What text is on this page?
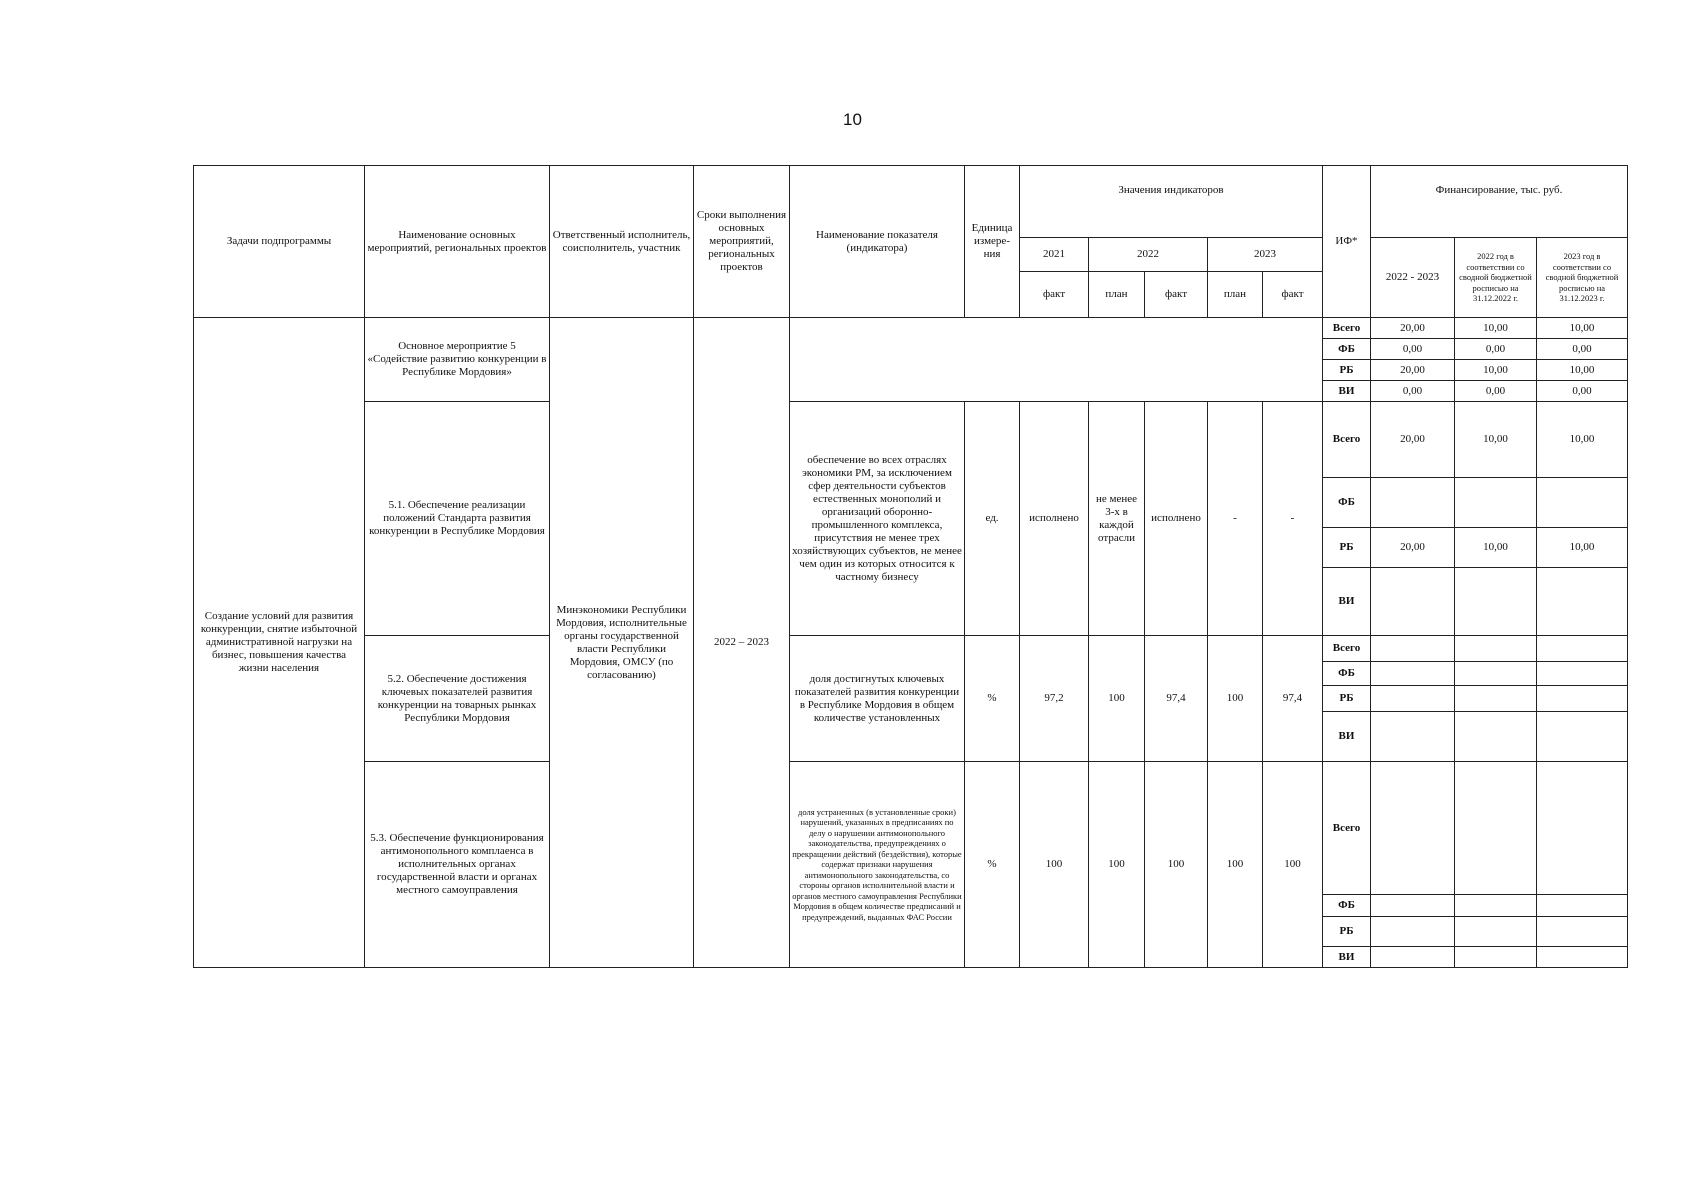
10
Задачи подпрограммы	Наименование основных мероприятий, региональных проектов	Ответственный исполнитель, соисполнитель, участник	Сроки выполнения основных мероприятий, региональных проектов	Наименование показателя (индикатора)	Единица измере-ния	Значения индикаторов					ИФ*	Финансирование, тыс. руб.		
						2021	2022		2023			2022 - 2023	2022 год в соответствии со сводной бюджетной росписью на 31.12.2022 г.	2023 год в соответствии со сводной бюджетной росписью на 31.12.2023 г.
						факт	план	факт	план	факт				
Создание условий для развития конкуренции, снятие избыточной административной нагрузки на бизнес, повышения качества жизни населения	Основное мероприятие 5 «Содействие развитию конкуренции в Республике Мордовия»	Минэкономики Республики Мордовия, исполнительные органы государственной власти Республики Мордовия, ОМСУ (по согласованию)	2022 – 2023								Всего	20,00	10,00	10,00
											ФБ	0,00	0,00	0,00
											РБ	20,00	10,00	10,00
											ВИ	0,00	0,00	0,00
	5.1. Обеспечение реализации положений Стандарта развития конкуренции в Республике Мордовия			обеспечение во всех отраслях экономики РМ, за исключением сфер деятельности субъектов естественных монополий и организаций оборонно-промышленного комплекса, присутствия не менее трех хозяйствующих субъектов, не менее чем один из которых относится к частному бизнесу	ед.	исполнено	не менее 3-х в каждой отрасли	исполнено	-	-	Всего	20,00	10,00	10,00
											ФБ			
											РБ	20,00	10,00	10,00
											ВИ			
	5.2. Обеспечение достижения ключевых показателей развития конкуренции на товарных рынках Республики Мордовия			доля достигнутых ключевых показателей развития конкуренции в Республике Мордовия в общем количестве установленных	%	97,2	100	97,4	100	97,4	Всего			
											ФБ			
											РБ			
											ВИ			
	5.3. Обеспечение функционирования антимонопольного комплаенса в исполнительных органах государственной власти и органах местного самоуправления			доля устраненных (в установленные сроки) нарушений, указанных в предписаниях по делу о нарушении антимонопольного законодательства, предупреждениях о прекращении действий (бездействия), которые содержат признаки нарушения антимонопольного законодательства, со стороны органов исполнительной власти и органов местного самоуправления Республики Мордовия в общем количестве предписаний и предупреждений, выданных ФАС России	%	100	100	100	100	100	Всего			
											ФБ			
											РБ			
											ВИ			
